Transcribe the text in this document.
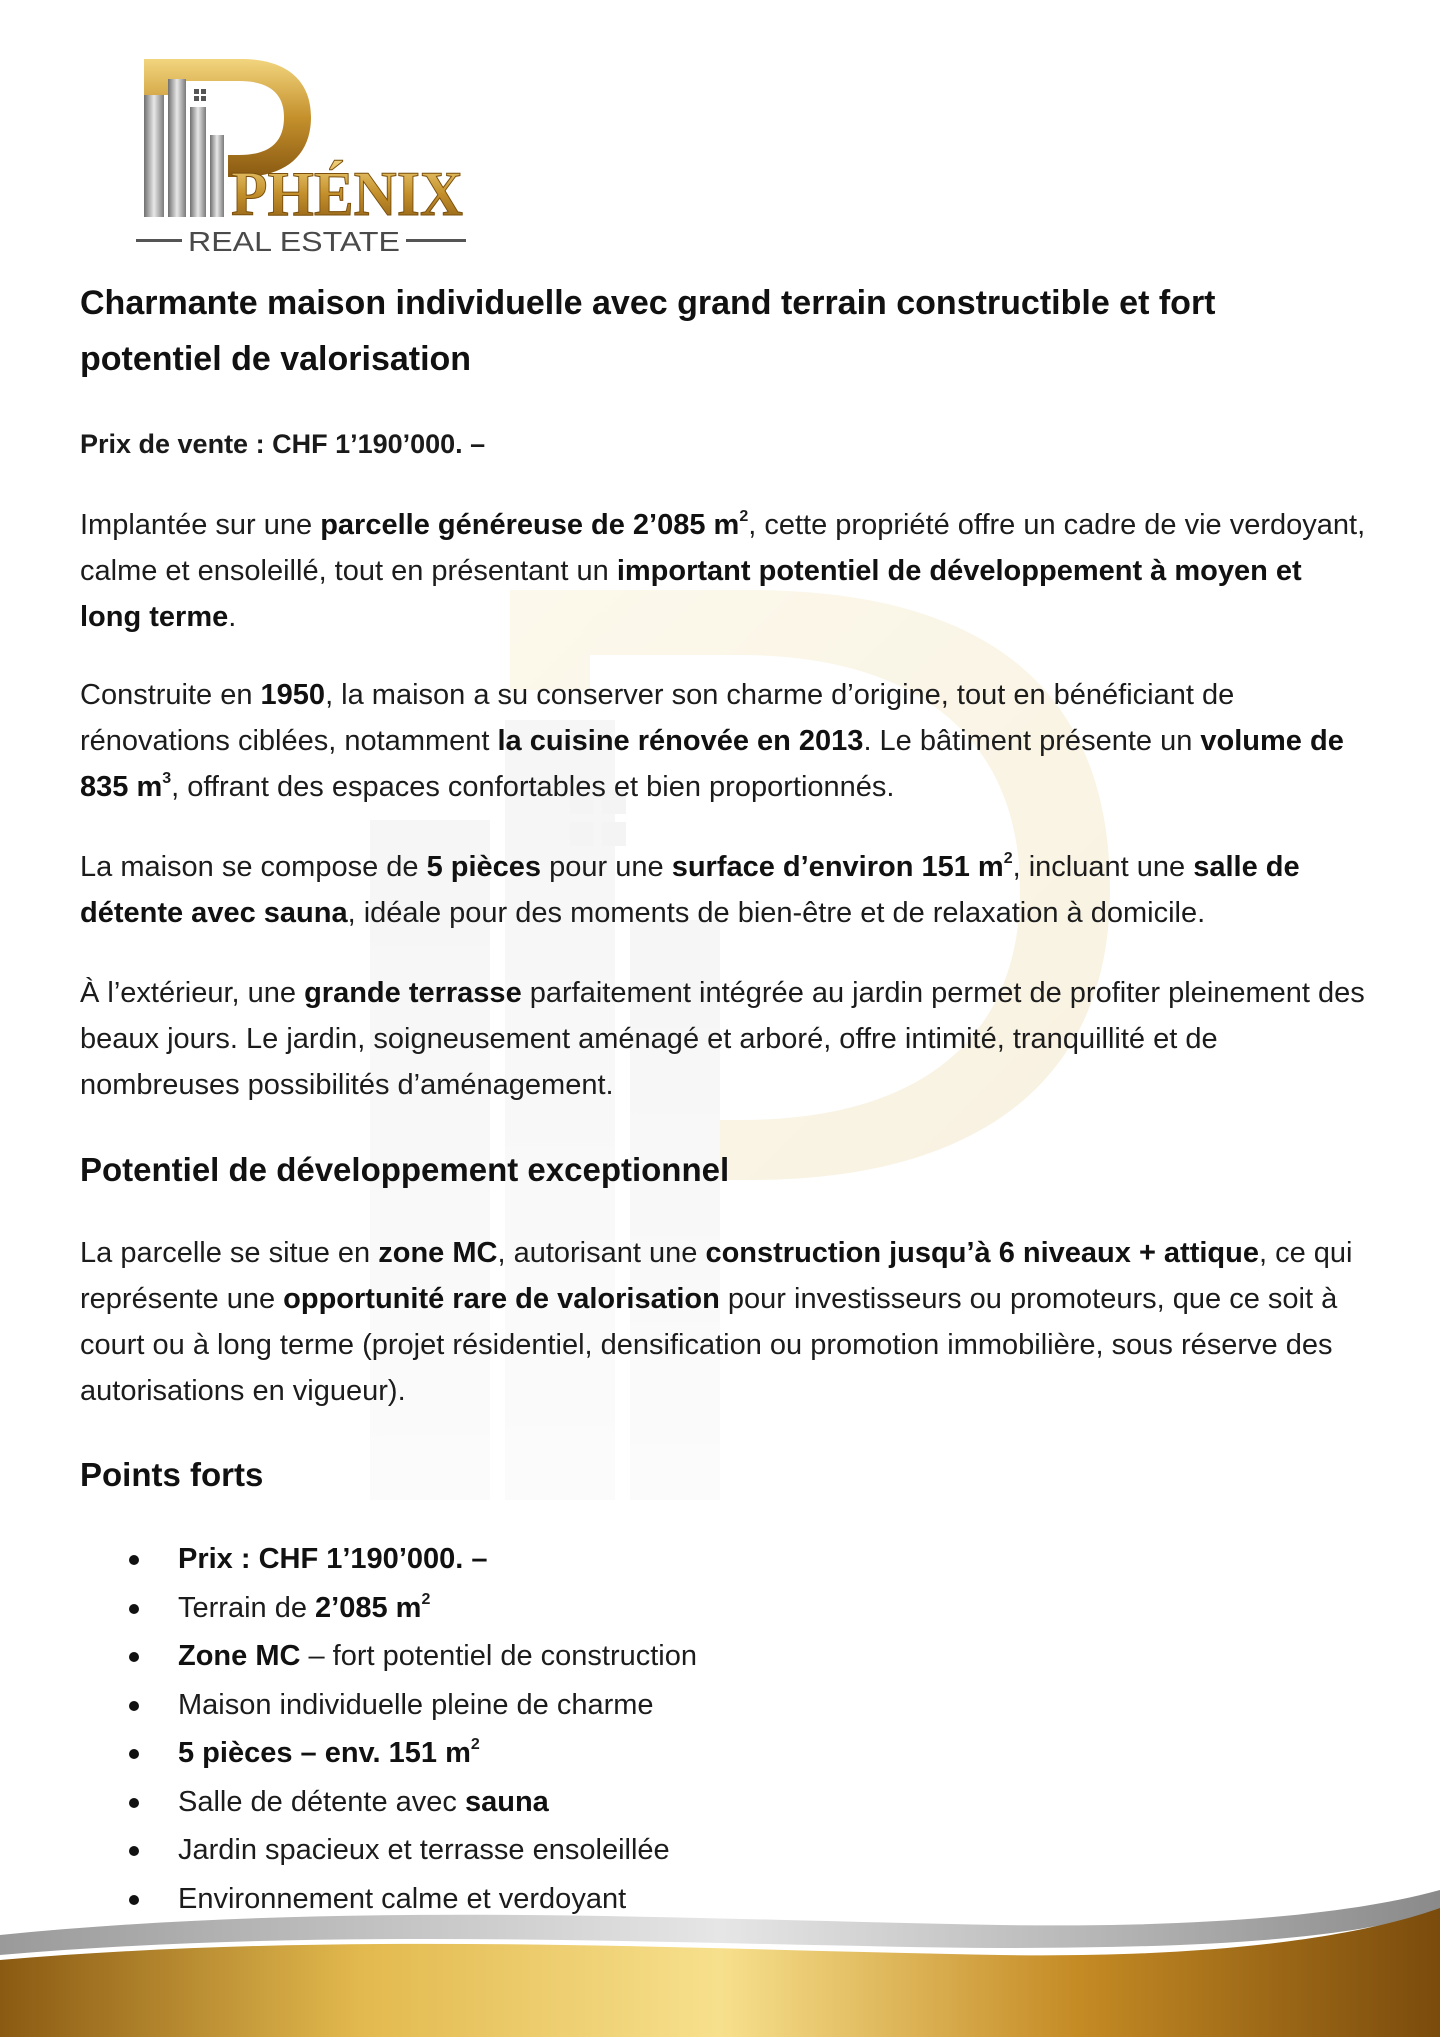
PHÉNIX
REAL ESTATE
Charmante maison individuelle avec grand terrain constructible et fort potentiel de valorisation

Prix de vente : CHF 1’190’000. –

Implantée sur une parcelle généreuse de 2’085 $m^2$, cette propriété offre un cadre de vie verdoyant, calme et ensoleillé, tout en présentant un important potentiel de développement à moyen et long terme.

Construite en 1950, la maison a su conserver son charme d’origine, tout en bénéficiant de rénovations ciblées, notamment la cuisine rénovée en 2013. Le bâtiment présente un volume de 835 $m^3$, offrant des espaces confortables et bien proportionnés.

La maison se compose de 5 pièces pour une surface d’environ 151 $m^2$, incluant une salle de détente avec sauna, idéale pour des moments de bien-être et de relaxation à domicile.

À l’extérieur, une grande terrasse parfaitement intégrée au jardin permet de profiter pleinement des beaux jours. Le jardin, soigneusement aménagé et arboré, offre intimité, tranquillité et de nombreuses possibilités d’aménagement.

Potentiel de développement exceptionnel

La parcelle se situe en zone MC, autorisant une construction jusqu’à 6 niveaux + attique, ce qui représente une opportunité rare de valorisation pour investisseurs ou promoteurs, que ce soit à court ou à long terme (projet résidentiel, densification ou promotion immobilière, sous réserve des autorisations en vigueur).

Points forts
Prix : CHF 1’190’000. –
Terrain de 2’085 $m^2$
Zone MC – fort potentiel de construction
Maison individuelle pleine de charme
5 pièces – env. 151 $m^2$
Salle de détente avec sauna
Jardin spacieux et terrasse ensoleillée
Environnement calme et verdoyant
